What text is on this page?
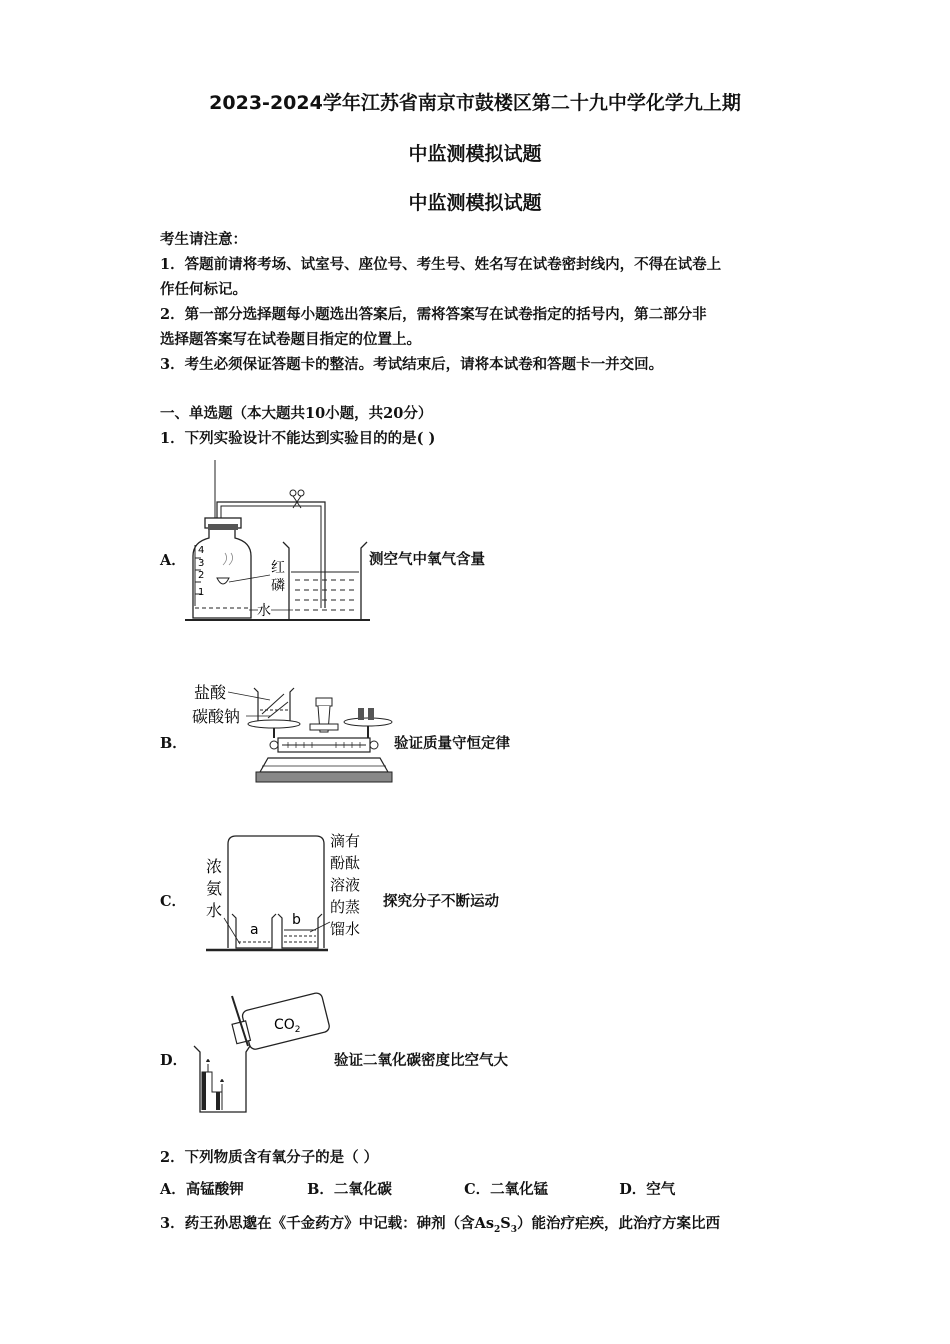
2023-2024学年江苏省南京市鼓楼区第二十九中学化学九上期
中监测模拟试题
中监测模拟试题
考生请注意：
1．答题前请将考场、试室号、座位号、考生号、姓名写在试卷密封线内，不得在试卷上
作任何标记。
2．第一部分选择题每小题选出答案后，需将答案写在试卷指定的括号内，第二部分非
选择题答案写在试卷题目指定的位置上。
3．考生必须保证答题卡的整洁。考试结束后，请将本试卷和答题卡一并交回。
一、单选题（本大题共10小题，共20分）
1．下列实验设计不能达到实验目的的是( )
A．
4
3
2
1
红
磷
水
测空气中氧气含量
B．
盐酸
碳酸钠
验证质量守恒定律
C．
浓
氨
水
a
b
滴有
酚酞
溶液
的蒸
馏水
探究分子不断运动
D．
$CO_2$
验证二氧化碳密度比空气大
2．下列物质含有氧分子的是（ ）
A．高锰酸钾	B．二氧化碳	C．二氧化锰	D．空气
3．药王孙思邈在《千金药方》中记载：砷剂（含$As_2S_3$）能治疗疟疾，此治疗方案比西
